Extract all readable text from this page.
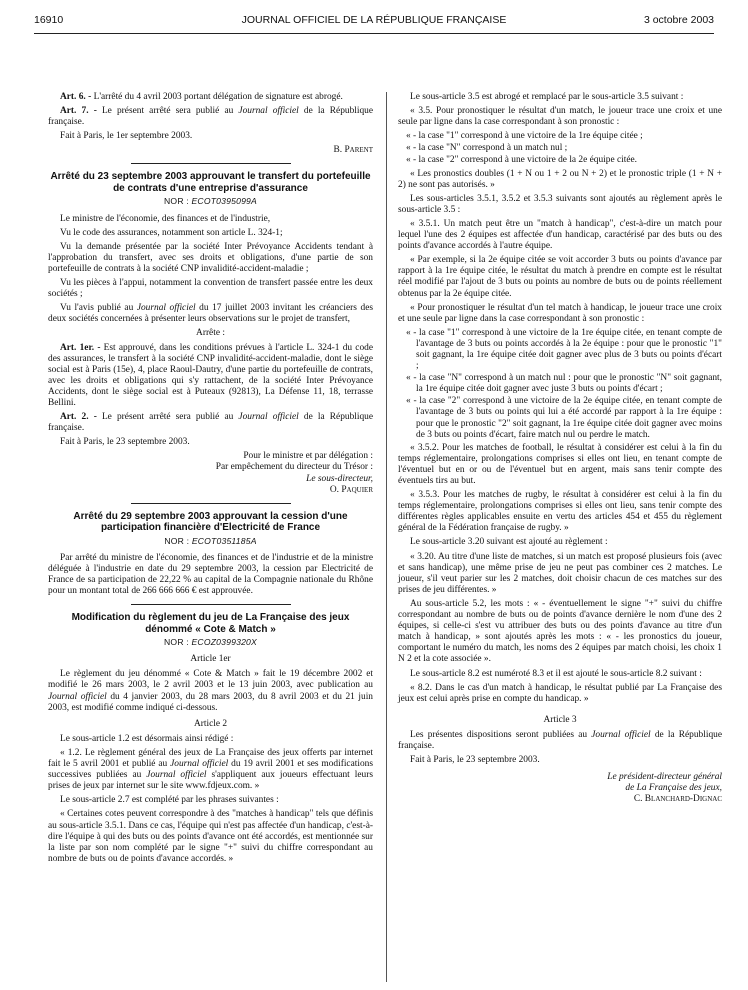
16910	JOURNAL OFFICIEL DE LA RÉPUBLIQUE FRANÇAISE	3 octobre 2003

Art. 6. - L'arrêté du 4 avril 2003 portant délégation de signature est abrogé.

Art. 7. - Le présent arrêté sera publié au Journal officiel de la République française.

Fait à Paris, le 1er septembre 2003.

B. Parent

Arrêté du 23 septembre 2003 approuvant le transfert du portefeuille de contrats d'une entreprise d'assurance
NOR : ECOT0395099A

Le ministre de l'économie, des finances et de l'industrie,

Vu le code des assurances, notamment son article L. 324-1;

Vu la demande présentée par la société Inter Prévoyance Accidents tendant à l'approbation du transfert, avec ses droits et obligations, d'une partie de son portefeuille de contrats à la société CNP invalidité-accident-maladie ;

Vu les pièces à l'appui, notamment la convention de transfert passée entre les deux sociétés ;

Vu l'avis publié au Journal officiel du 17 juillet 2003 invitant les créanciers des deux sociétés concernées à présenter leurs observations sur le projet de transfert,

Arrête :

Art. 1er. - Est approuvé, dans les conditions prévues à l'article L. 324-1 du code des assurances, le transfert à la société CNP invalidité-accident-maladie, dont le siège social est à Paris (15e), 4, place Raoul-Dautry, d'une partie du portefeuille de contrats, avec les droits et obligations qui s'y rattachent, de la société Inter Prévoyance Accidents, dont le siège social est à Puteaux (92813), La Défense 11, 18, terrasse Bellini.

Art. 2. - Le présent arrêté sera publié au Journal officiel de la République française.

Fait à Paris, le 23 septembre 2003.

Pour le ministre et par délégation :
Par empêchement du directeur du Trésor :
Le sous-directeur,
O. Paquier
Arrêté du 29 septembre 2003 approuvant la cession d'une participation financière d'Electricité de France
NOR : ECOT0351185A

Par arrêté du ministre de l'économie, des finances et de l'industrie et de la ministre déléguée à l'industrie en date du 29 septembre 2003, la cession par Electricité de France de sa participation de 22,22 % au capital de la Compagnie nationale du Rhône pour un montant total de 266 666 666 € est approuvée.

Modification du règlement du jeu de La Française des jeux dénommé « Cote & Match »
NOR : ECOZ0399320X

Article 1er

Le règlement du jeu dénommé « Cote & Match » fait le 19 décembre 2002 et modifié le 26 mars 2003, le 2 avril 2003 et le 13 juin 2003, avec publication au Journal officiel du 4 janvier 2003, du 28 mars 2003, du 8 avril 2003 et du 21 juin 2003, est modifié comme indiqué ci-dessous.

Article 2

Le sous-article 1.2 est désormais ainsi rédigé :

« 1.2. Le règlement général des jeux de La Française des jeux offerts par internet fait le 5 avril 2001 et publié au Journal officiel du 19 avril 2001 et ses modifications successives publiées au Journal officiel s'appliquent aux joueurs effectuant leurs prises de jeux par internet sur le site www.fdjeux.com. »

Le sous-article 2.7 est complété par les phrases suivantes :

« Certaines cotes peuvent correspondre à des "matches à handicap" tels que définis au sous-article 3.5.1. Dans ce cas, l'équipe qui n'est pas affectée d'un handicap, c'est-à-dire l'équipe à qui des buts ou des points d'avance ont été accordés, est mentionnée sur la liste par son nom complété par le signe "+" suivi du chiffre correspondant au nombre de buts ou de points d'avance accordés. »

Le sous-article 3.5 est abrogé et remplacé par le sous-article 3.5 suivant :

« 3.5. Pour pronostiquer le résultat d'un match, le joueur trace une croix et une seule par ligne dans la case correspondant à son pronostic :

« - la case "1" correspond à une victoire de la 1re équipe citée ;
« - la case "N" correspond à un match nul ;
« - la case "2" correspond à une victoire de la 2e équipe citée.

« Les pronostics doubles (1 + N ou 1 + 2 ou N + 2) et le pronostic triple (1 + N + 2) ne sont pas autorisés. »

Les sous-articles 3.5.1, 3.5.2 et 3.5.3 suivants sont ajoutés au règlement après le sous-article 3.5 :

« 3.5.1. Un match peut être un "match à handicap", c'est-à-dire un match pour lequel l'une des 2 équipes est affectée d'un handicap, caractérisé par des buts ou des points d'avance accordés à l'autre équipe.

« Par exemple, si la 2e équipe citée se voit accorder 3 buts ou points d'avance par rapport à la 1re équipe citée, le résultat du match à prendre en compte est le résultat réel modifié par l'ajout de 3 buts ou points au nombre de buts ou de points réellement obtenus par la 2e équipe citée.

« Pour pronostiquer le résultat d'un tel match à handicap, le joueur trace une croix et une seule par ligne dans la case correspondant à son pronostic :

« - la case "1" correspond à une victoire de la 1re équipe citée, en tenant compte de l'avantage de 3 buts ou points accordés à la 2e équipe : pour que le pronostic "1" soit gagnant, la 1re équipe citée doit gagner avec plus de 3 buts ou points d'écart ;
« - la case "N" correspond à un match nul : pour que le pronostic "N" soit gagnant, la 1re équipe citée doit gagner avec juste 3 buts ou points d'écart ;
« - la case "2" correspond à une victoire de la 2e équipe citée, en tenant compte de l'avantage de 3 buts ou points qui lui a été accordé par rapport à la 1re équipe : pour que le pronostic "2" soit gagnant, la 1re équipe citée doit gagner avec moins de 3 buts ou points d'écart, faire match nul ou perdre le match.

« 3.5.2. Pour les matches de football, le résultat à considérer est celui à la fin du temps réglementaire, prolongations comprises si elles ont lieu, en tenant compte de l'éventuel but en or ou de l'éventuel but en argent, mais sans tenir compte des éventuels tirs au but.

« 3.5.3. Pour les matches de rugby, le résultat à considérer est celui à la fin du temps réglementaire, prolongations comprises si elles ont lieu, sans tenir compte des différentes règles applicables ensuite en vertu des articles 454 et 455 du règlement général de la Fédération française de rugby. »

Le sous-article 3.20 suivant est ajouté au règlement :

« 3.20. Au titre d'une liste de matches, si un match est proposé plusieurs fois (avec et sans handicap), une même prise de jeu ne peut pas combiner ces 2 matches. Le joueur, s'il veut parier sur les 2 matches, doit choisir chacun de ces matches sur des prises de jeu différentes. »

Au sous-article 5.2, les mots : « - éventuellement le signe "+" suivi du chiffre correspondant au nombre de buts ou de points d'avance dernière le nom d'une des 2 équipes, si celle-ci s'est vu attribuer des buts ou des points d'avance au titre d'un match à handicap, » sont ajoutés après les mots : « - les pronostics du joueur, comportant le numéro du match, les noms des 2 équipes par match choisi, les choix 1 N 2 et la cote associée ».

Le sous-article 8.2 est numéroté 8.3 et il est ajouté le sous-article 8.2 suivant :

« 8.2. Dans le cas d'un match à handicap, le résultat publié par La Française des jeux est celui après prise en compte du handicap. »

Article 3

Les présentes dispositions seront publiées au Journal officiel de la République française.

Fait à Paris, le 23 septembre 2003.

Le président-directeur général
de La Française des jeux,
C. Blanchard-Dignac
